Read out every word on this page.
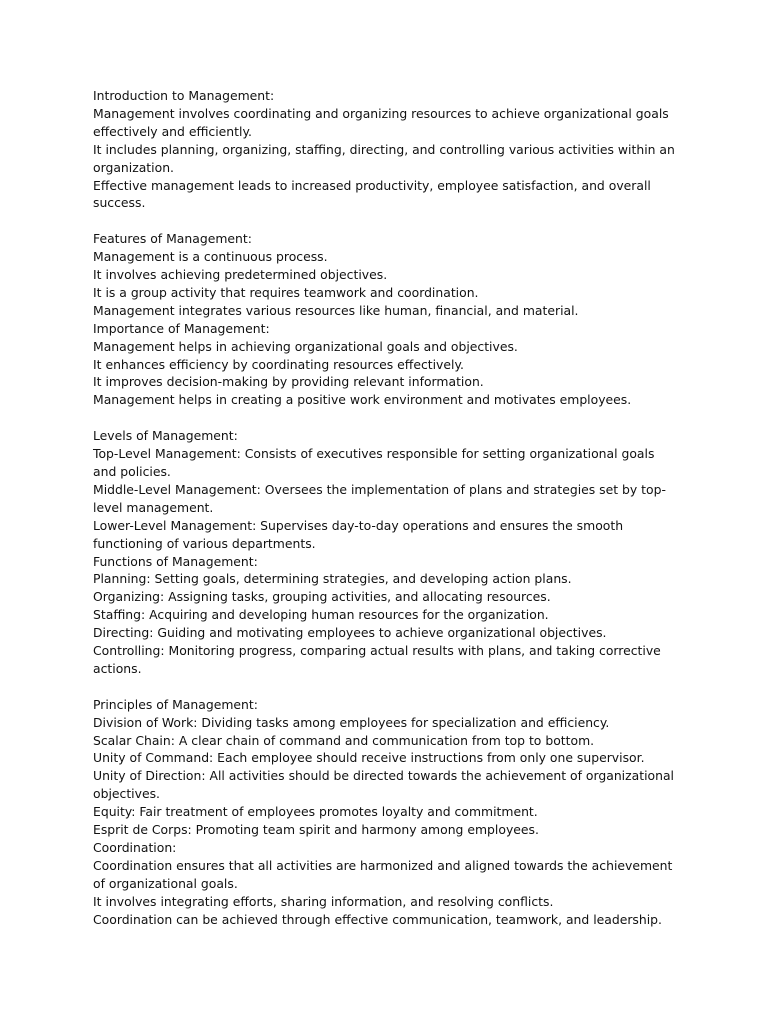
Introduction to Management:

Management involves coordinating and organizing resources to achieve organizational goals effectively and efficiently.

It includes planning, organizing, staffing, directing, and controlling various activities within an organization.

Effective management leads to increased productivity, employee satisfaction, and overall success.

Features of Management:

Management is a continuous process.

It involves achieving predetermined objectives.

It is a group activity that requires teamwork and coordination.

Management integrates various resources like human, financial, and material.

Importance of Management:

Management helps in achieving organizational goals and objectives.

It enhances efficiency by coordinating resources effectively.

It improves decision-making by providing relevant information.

Management helps in creating a positive work environment and motivates employees.

Levels of Management:

Top-Level Management: Consists of executives responsible for setting organizational goals and policies.

Middle-Level Management: Oversees the implementation of plans and strategies set by top-level management.

Lower-Level Management: Supervises day-to-day operations and ensures the smooth functioning of various departments.

Functions of Management:

Planning: Setting goals, determining strategies, and developing action plans.

Organizing: Assigning tasks, grouping activities, and allocating resources.

Staffing: Acquiring and developing human resources for the organization.

Directing: Guiding and motivating employees to achieve organizational objectives.

Controlling: Monitoring progress, comparing actual results with plans, and taking corrective actions.

Principles of Management:

Division of Work: Dividing tasks among employees for specialization and efficiency.

Scalar Chain: A clear chain of command and communication from top to bottom.

Unity of Command: Each employee should receive instructions from only one supervisor.

Unity of Direction: All activities should be directed towards the achievement of organizational objectives.

Equity: Fair treatment of employees promotes loyalty and commitment.

Esprit de Corps: Promoting team spirit and harmony among employees.

Coordination:

Coordination ensures that all activities are harmonized and aligned towards the achievement of organizational goals.

It involves integrating efforts, sharing information, and resolving conflicts.

Coordination can be achieved through effective communication, teamwork, and leadership.
